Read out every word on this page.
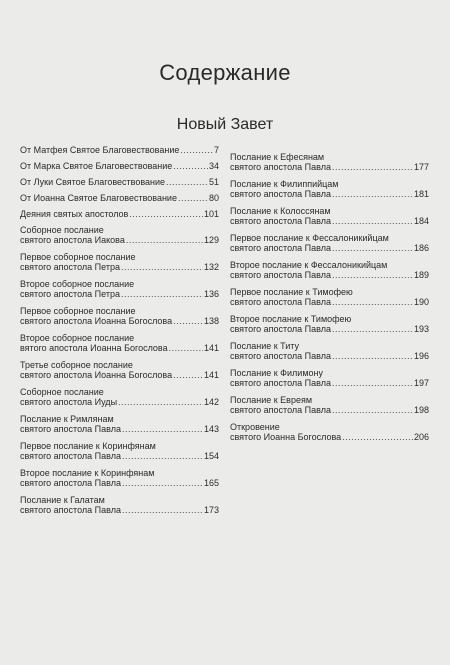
Содержание
Новый Завет
От Матфея Святое Благовествование .....	7
От Марка Святое Благовествование .....	34
От Луки Святое Благовествование .....	51
От Иоанна Святое Благовествование .....	80
Деяния святых апостолов .....	101
Соборное послание
святого апостола Иакова .....	129
Первое соборное послание
святого апостола Петра .....	132
Второе соборное послание
святого апостола Петра .....	136
Первое соборное послание
святого апостола Иоанна Богослова .....	138
Второе соборное послание
вятого апостола Иоанна Богослова .....	141
Третье соборное послание
святого апостола Иоанна Богослова .....	141
Соборное послание
святого апостола Иуды .....	142
Послание к Римлянам
святого апостола Павла .....	143
Первое послание к Коринфянам
святого апостола Павла .....	154
Второе послание к Коринфянам
святого апостола Павла .....	165
Послание к Галатам
святого апостола Павла .....	173
Послание к Ефесянам
святого апостола Павла .....	177
Послание к Филиппийцам
святого апостола Павла .....	181
Послание к Колоссянам
святого апостола Павла .....	184
Первое послание к Фессалоникийцам
святого апостола Павла .....	186
Второе послание к Фессалоникийцам
святого апостола Павла .....	189
Первое послание к Тимофею
святого апостола Павла .....	190
Второе послание к Тимофею
святого апостола Павла .....	193
Послание к Титу
святого апостола Павла .....	196
Послание к Филимону
святого апостола Павла .....	197
Послание к Евреям
святого апостола Павла .....	198
Откровение
святого Иоанна Богослова .....	206
